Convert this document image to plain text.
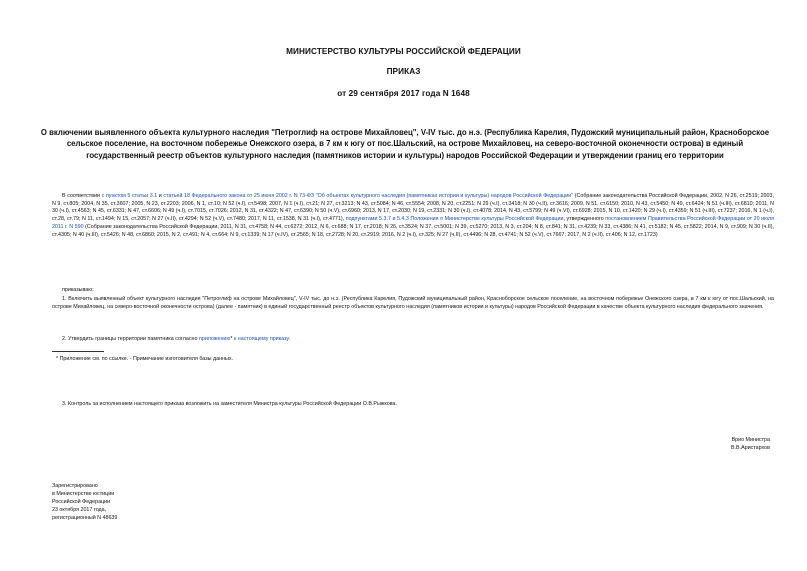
МИНИСТЕРСТВО КУЛЬТУРЫ РОССИЙСКОЙ ФЕДЕРАЦИИ
ПРИКАЗ
от 29 сентября 2017 года N 1648
О включении выявленного объекта культурного наследия "Петроглиф на острове Михайловец", V-IV тыс. до н.э. (Республика Карелия, Пудожский муниципальный район, Красноборское сельское поселение, на восточном побережье Онежского озера, в 7 км к югу от пос.Шальский, на острове Михайловец, на северо-восточной оконечности острова) в единый государственный реестр объектов культурного наследия (памятников истории и культуры) народов Российской Федерации и утверждении границ его территории
В соответствии с пунктом 5 статьи 3.1 и статьей 18 Федерального закона от 25 июня 2002 г. N 73-ФЗ "Об объектах культурного наследия (памятниках истории и культуры) народов Российской Федерации" (Собрание законодательства Российской Федерации, 2002, N 26, ст.2519; 2003, N 9, ст.805; 2004, N 35, ст.3607; 2005, N 23, ст.2203; 2006, N 1, ст.10; N 52 (ч.I), ст.5498; 2007, N 1 (ч.I), ст.21; N 27, ст.3213; N 43, ст.5084; N 46, ст.5554; 2008, N 20, ст.2251; N 29 (ч.I), ст.3418; N 30 (ч.II), ст.3616; 2009, N 51, ст.6150; 2010, N 43, ст.5450; N 49, ст.6424; N 51 (ч.III), ст.6810; 2011, N 30 (ч.I), ст.4563; N 45, ст.6331; N 47, ст.6606; N 49 (ч.I), ст.7015, ст.7026; 2012, N 31, ст.4322; N 47, ст.6390; N 50 (ч.V), ст.6960; 2013, N 17, ст.2030; N 19, ст.2331; N 30 (ч.I), ст.4078; 2014, N 43, ст.5799; N 49 (ч.VI), ст.6928; 2015, N 10, ст.1420; N 29 (ч.I), ст.4359; N 51 (ч.III), ст.7237; 2016, N 1 (ч.I), ст.28, ст.79; N 11, ст.1494; N 15, ст.2057; N 27 (ч.II), ст.4294; N 52 (ч.V), ст.7480; 2017, N 11, ст.1538, N 31 (ч.I), ст.4771), подпунктами 5.3.7 и 5.4.3 Положения о Министерстве культуры Российской Федерации, утвержденного постановлением Правительства Российской Федерации от 20 июля 2011 г. N 590 (Собрание законодательства Российской Федерации, 2011, N 31, ст.4758; N 44, ст.6272; 2012, N 6, ст.688; N 17, ст.2018; N 26, ст.3524; N 37, ст.5001; N 39, ст.5270; 2013, N 3, ст.204; N 8, ст.841; N 31, ст.4239; N 33, ст.4386; N 41, ст.5182; N 45, ст.5822; 2014, N 9, ст.909; N 30 (ч.II), ст.4305; N 40 (ч.III), ст.5426; N 48, ст.6860; 2015, N 2, ст.491; N 4, ст.664; N 9, ст.1339; N 17 (ч.IV), ст.2565; N 18, ст.2728; N 20, ст.2919; 2016, N 2 (ч.I), ст.325; N 27 (ч.II), ст.4496; N 28, ст.4741; N 52 (ч.V), ст.7667; 2017, N 2 (ч.II), ст.406; N 12, ст.1723)
приказываю:
1. Включить выявленный объект культурного наследия "Петроглиф на острове Михайловец", V-IV тыс. до н.э. (Республика Карелия, Пудожский муниципальный район, Красноборское сельское поселение, на восточном побережье Онежского озера, в 7 км к югу от пос.Шальский, на острове Михайловец, на северо-восточной оконечности острова) (далее - памятник) в единый государственный реестр объектов культурного наследия (памятников истории и культуры) народов Российской Федерации в качестве объекта культурного наследия федерального значения.
2. Утвердить границы территории памятника согласно приложению* к настоящему приказу.
* Приложение см. по ссылке. - Примечание изготовителя базы данных.
3. Контроль за исполнением настоящего приказа возложить на заместителя Министра культуры Российской Федерации О.В.Рыжкова.
Врио Министра
В.В.Аристархов
Зарегистрировано
в Министерстве юстиции
Российской Федерации
23 октября 2017 года,
регистрационный N 48639
